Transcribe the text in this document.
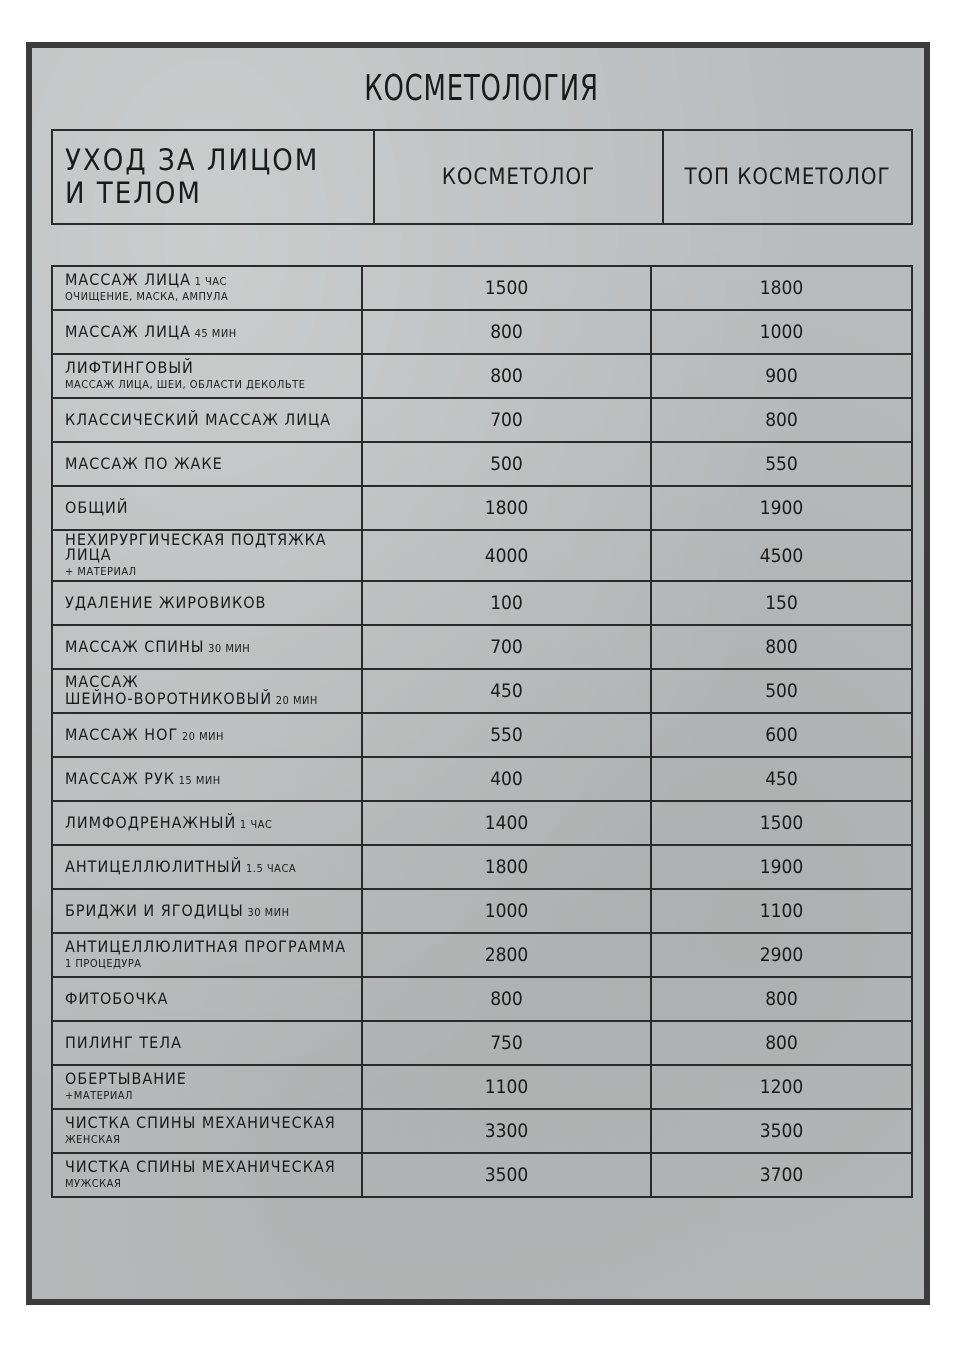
КОСМЕТОЛОГИЯ
УХОД ЗА ЛИЦОМ
И ТЕЛОМ	КОСМЕТОЛОГ	ТОП КОСМЕТОЛОГ
МАССАЖ ЛИЦА 1 ЧАС
ОЧИЩЕНИЕ, МАСКА, АМПУЛА	1500	1800

МАССАЖ ЛИЦА 45 МИН	800	1000

ЛИФТИНГОВЫЙ
МАССАЖ ЛИЦА, ШЕИ, ОБЛАСТИ ДЕКОЛЬТЕ	800	900

КЛАССИЧЕСКИЙ МАССАЖ ЛИЦА	700	800

МАССАЖ ПО ЖАКЕ	500	550

ОБЩИЙ	1800	1900

НЕХИРУРГИЧЕСКАЯ ПОДТЯЖКА ЛИЦА
+ МАТЕРИАЛ	4000	4500

УДАЛЕНИЕ ЖИРОВИКОВ	100	150

МАССАЖ СПИНЫ 30 МИН	700	800

МАССАЖ
ШЕЙНО-ВОРОТНИКОВЫЙ 20 МИН	450	500

МАССАЖ НОГ 20 МИН	550	600

МАССАЖ РУК 15 МИН	400	450

ЛИМФОДРЕНАЖНЫЙ 1 ЧАС	1400	1500

АНТИЦЕЛЛЮЛИТНЫЙ 1.5 ЧАСА	1800	1900

БРИДЖИ И ЯГОДИЦЫ 30 МИН	1000	1100

АНТИЦЕЛЛЮЛИТНАЯ ПРОГРАММА
1 ПРОЦЕДУРА	2800	2900

ФИТОБОЧКА	800	800

ПИЛИНГ ТЕЛА	750	800

ОБЕРТЫВАНИЕ
+МАТЕРИАЛ	1100	1200

ЧИСТКА СПИНЫ МЕХАНИЧЕСКАЯ
ЖЕНСКАЯ	3300	3500

ЧИСТКА СПИНЫ МЕХАНИЧЕСКАЯ
МУЖСКАЯ	3500	3700
